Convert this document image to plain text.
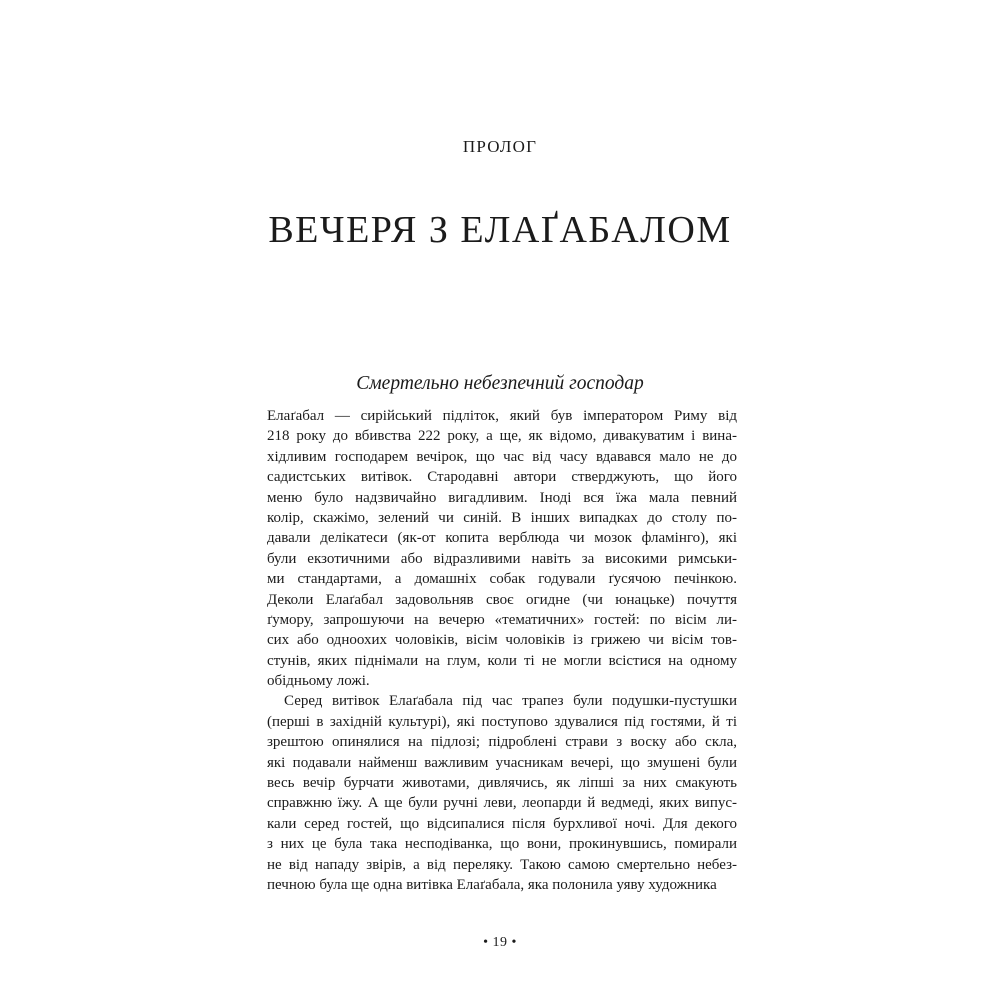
ПРОЛОГ
ВЕЧЕРЯ З ЕЛАҐАБАЛОМ
Смертельно небезпечний господар
Елаґабал — сирійський підліток, який був імператором Риму від
218 року до вбивства 222 року, а ще, як відомо, дивакуватим і вина-
хідливим господарем вечірок, що час від часу вдавався мало не до
садистських витівок. Стародавні автори стверджують, що його
меню було надзвичайно вигадливим. Іноді вся їжа мала певний
колір, скажімо, зелений чи синій. В інших випадках до столу по-
давали делікатеси (як-от копита верблюда чи мозок фламінго), які
були екзотичними або відразливими навіть за високими римськи-
ми стандартами, а домашніх собак годували ґусячою печінкою.
Деколи Елаґабал задовольняв своє огидне (чи юнацьке) почуття
ґумору, запрошуючи на вечерю «тематичних» гостей: по вісім ли-
сих або одноохих чоловіків, вісім чоловіків із грижею чи вісім тов-
стунів, яких піднімали на глум, коли ті не могли всістися на одному
обідньому ложі.
Серед витівок Елаґабала під час трапез були подушки-пустушки
(перші в західній культурі), які поступово здувалися під гостями, й ті
зрештою опинялися на підлозі; підроблені страви з воску або скла,
які подавали найменш важливим учасникам вечері, що змушені були
весь вечір бурчати животами, дивлячись, як ліпші за них смакують
справжню їжу. А ще були ручні леви, леопарди й ведмеді, яких випус-
кали серед гостей, що відсипалися після бурхливої ночі. Для декого
з них це була така несподіванка, що вони, прокинувшись, помирали
не від нападу звірів, а від переляку. Такою самою смертельно небез-
печною була ще одна витівка Елаґабала, яка полонила уяву художника
• 19 •
